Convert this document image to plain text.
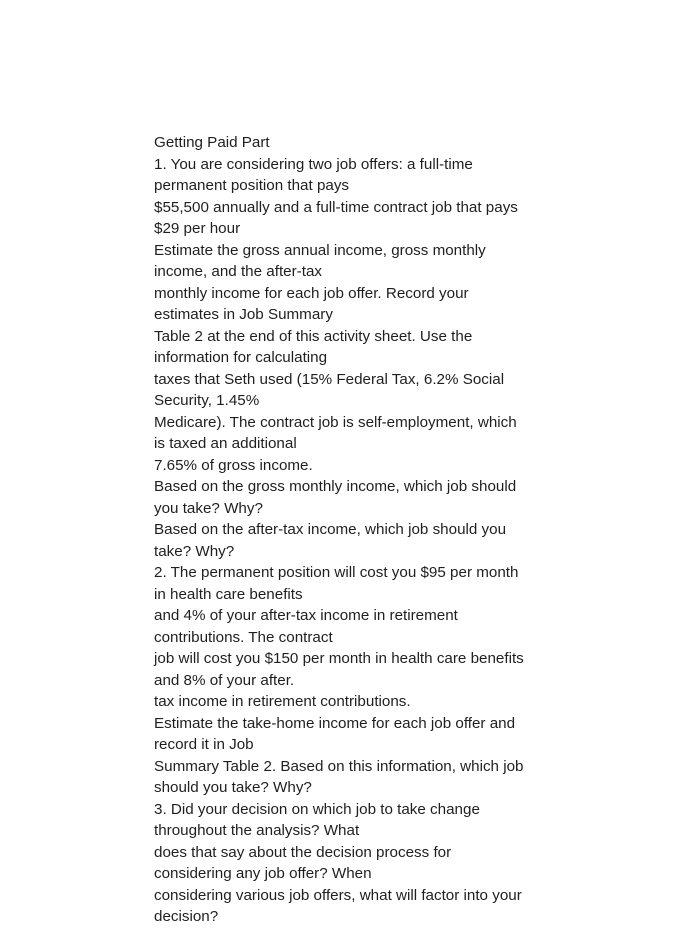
Getting Paid Part
1. You are considering two job offers: a full-time
permanent position that pays
$55,500 annually and a full-time contract job that pays
$29 per hour
Estimate the gross annual income, gross monthly
income, and the after-tax
monthly income for each job offer. Record your
estimates in Job Summary
Table 2 at the end of this activity sheet. Use the
information for calculating
taxes that Seth used (15% Federal Tax, 6.2% Social
Security, 1.45%
Medicare). The contract job is self-employment, which
is taxed an additional
7.65% of gross income.
Based on the gross monthly income, which job should
you take? Why?
Based on the after-tax income, which job should you
take? Why?
2. The permanent position will cost you $95 per month
in health care benefits
and 4% of your after-tax income in retirement
contributions. The contract
job will cost you $150 per month in health care benefits
and 8% of your after.
tax income in retirement contributions.
Estimate the take-home income for each job offer and
record it in Job
Summary Table 2. Based on this information, which job
should you take? Why?
3. Did your decision on which job to take change
throughout the analysis? What
does that say about the decision process for
considering any job offer? When
considering various job offers, what will factor into your
decision?
